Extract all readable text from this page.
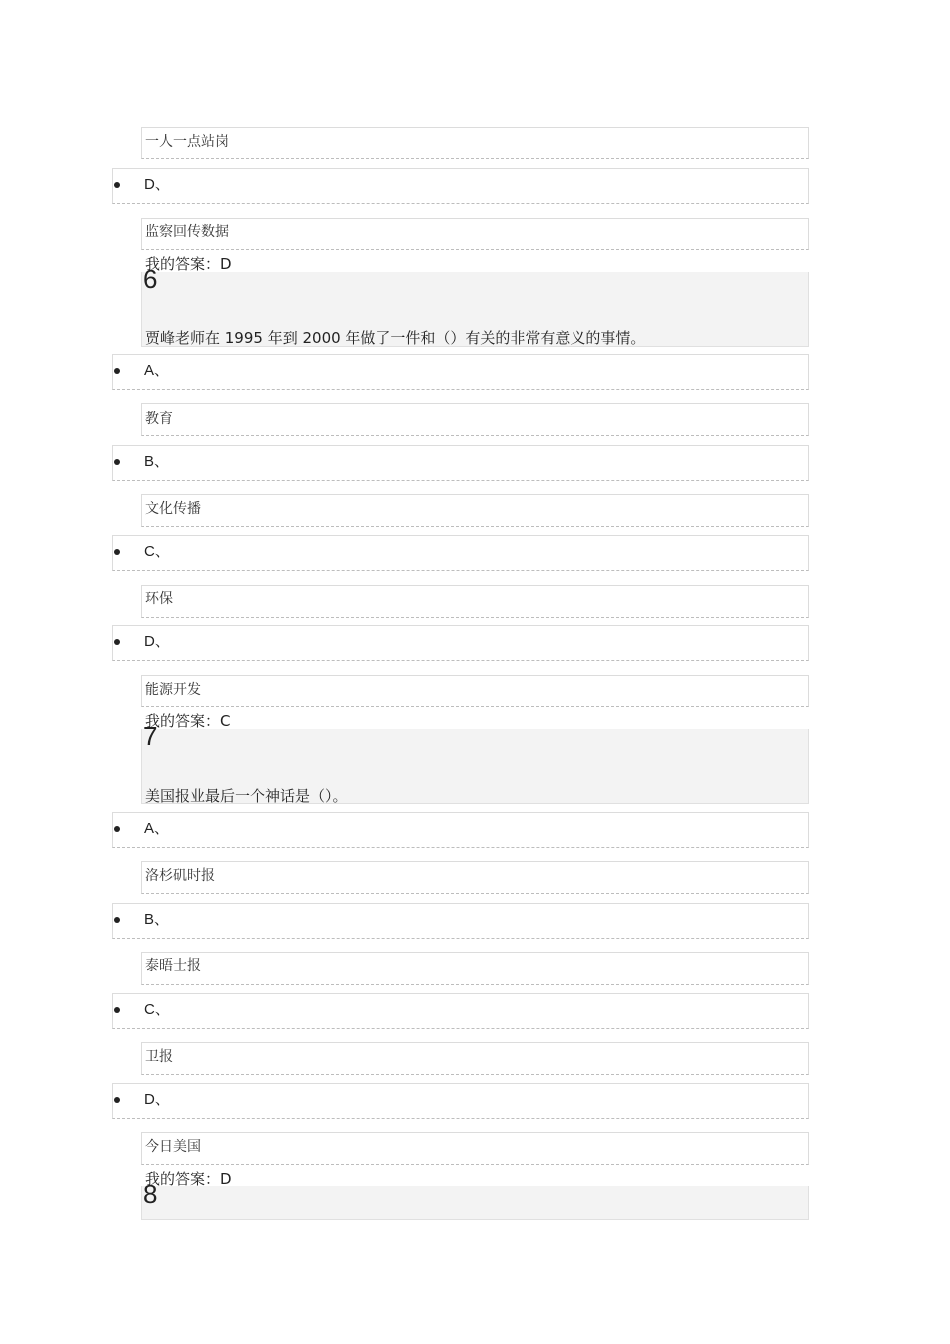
一人一点站岗
D、
监察回传数据
我的答案：D
6
贾峰老师在 1995 年到 2000 年做了一件和（）有关的非常有意义的事情。
A、
教育
B、
文化传播
C、
环保
D、
能源开发
我的答案：C
7
美国报业最后一个神话是（）。
A、
洛杉矶时报
B、
泰晤士报
C、
卫报
D、
今日美国
我的答案：D
8
